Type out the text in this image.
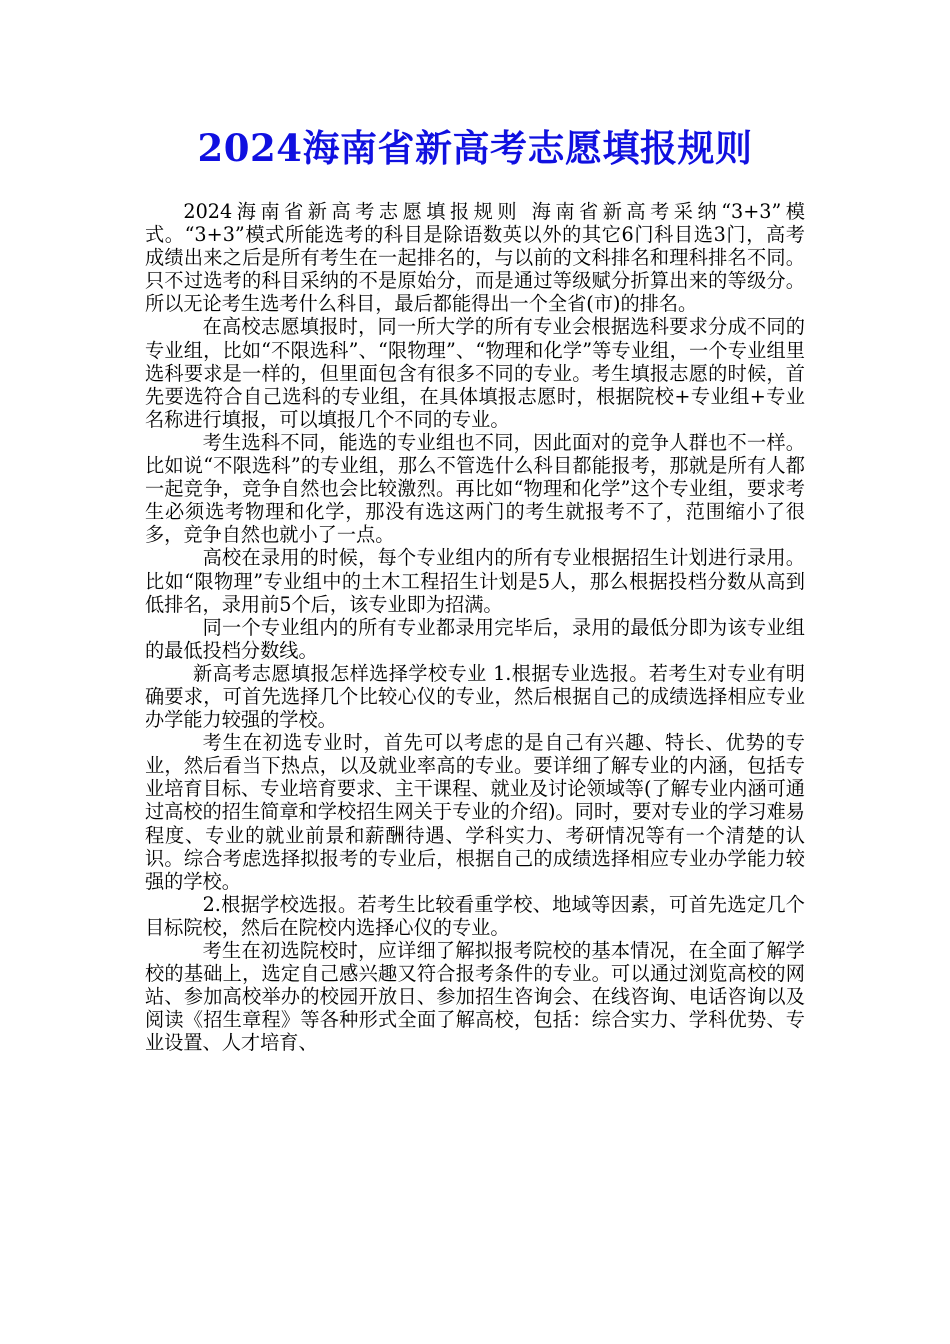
2024海南省新高考志愿填报规则

2024海南省新高考志愿填报规则 海南省新高考采纳“3+3”模式。“3+3”模式所能选考的科目是除语数英以外的其它6门科目选3门，高考成绩出来之后是所有考生在一起排名的，与以前的文科排名和理科排名不同。只不过选考的科目采纳的不是原始分，而是通过等级赋分折算出来的等级分。所以无论考生选考什么科目，最后都能得出一个全省(市)的排名。

在高校志愿填报时，同一所大学的所有专业会根据选科要求分成不同的专业组，比如“不限选科”、“限物理”、“物理和化学”等专业组，一个专业组里选科要求是一样的，但里面包含有很多不同的专业。考生填报志愿的时候，首先要选符合自己选科的专业组，在具体填报志愿时，根据院校+专业组+专业名称进行填报，可以填报几个不同的专业。

考生选科不同，能选的专业组也不同，因此面对的竞争人群也不一样。比如说“不限选科”的专业组，那么不管选什么科目都能报考，那就是所有人都一起竞争，竞争自然也会比较激烈。再比如“物理和化学”这个专业组，要求考生必须选考物理和化学，那没有选这两门的考生就报考不了，范围缩小了很多，竞争自然也就小了一点。

高校在录用的时候，每个专业组内的所有专业根据招生计划进行录用。比如“限物理”专业组中的土木工程招生计划是5人，那么根据投档分数从高到低排名，录用前5个后，该专业即为招满。

同一个专业组内的所有专业都录用完毕后，录用的最低分即为该专业组的最低投档分数线。

新高考志愿填报怎样选择学校专业 1.根据专业选报。若考生对专业有明确要求，可首先选择几个比较心仪的专业，然后根据自己的成绩选择相应专业办学能力较强的学校。

考生在初选专业时，首先可以考虑的是自己有兴趣、特长、优势的专业，然后看当下热点，以及就业率高的专业。要详细了解专业的内涵，包括专业培育目标、专业培育要求、主干课程、就业及讨论领域等(了解专业内涵可通过高校的招生简章和学校招生网关于专业的介绍)。同时，要对专业的学习难易程度、专业的就业前景和薪酬待遇、学科实力、考研情况等有一个清楚的认识。综合考虑选择拟报考的专业后，根据自己的成绩选择相应专业办学能力较强的学校。

2.根据学校选报。若考生比较看重学校、地域等因素，可首先选定几个目标院校，然后在院校内选择心仪的专业。

考生在初选院校时，应详细了解拟报考院校的基本情况，在全面了解学校的基础上，选定自己感兴趣又符合报考条件的专业。可以通过浏览高校的网站、参加高校举办的校园开放日、参加招生咨询会、在线咨询、电话咨询以及阅读《招生章程》等各种形式全面了解高校，包括：综合实力、学科优势、专业设置、人才培育、
